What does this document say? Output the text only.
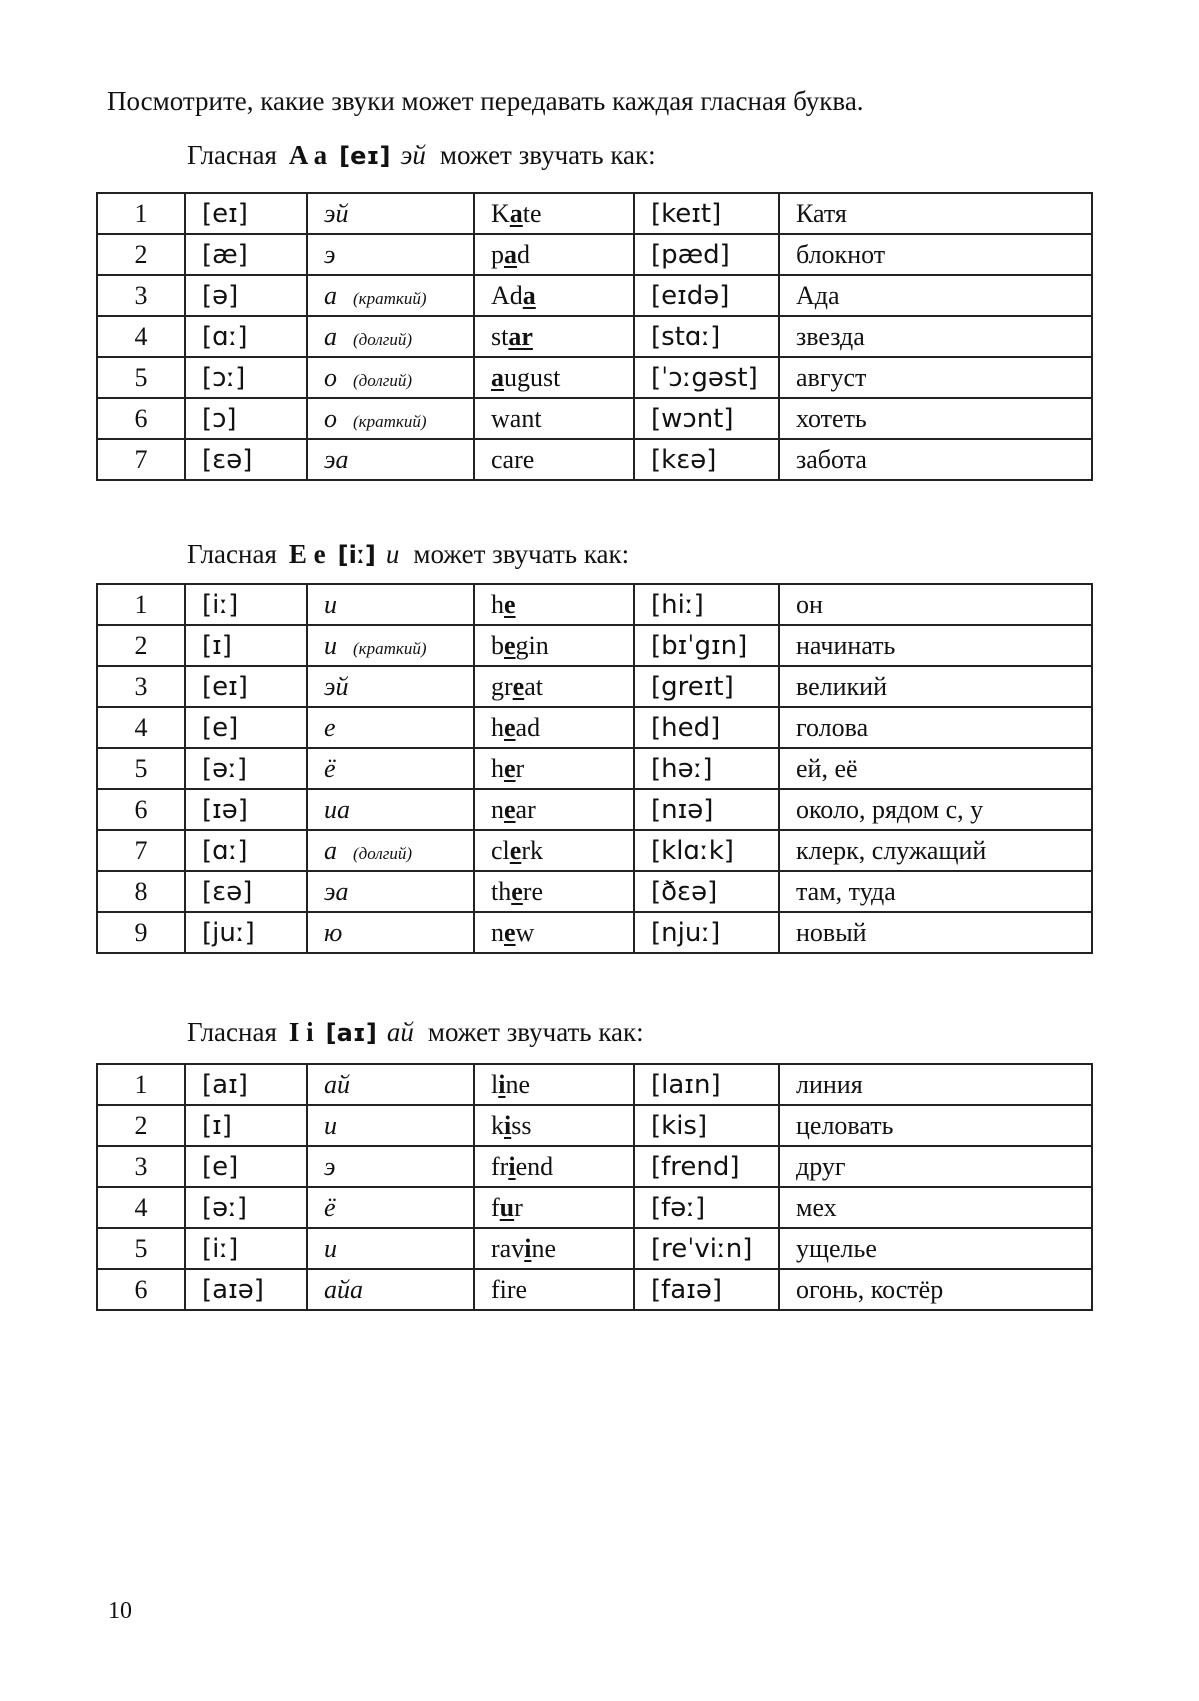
Посмотрите, какие звуки может передавать каждая гласная буква.
Гласная A a [eɪ] эй может звучать как:
1	[eɪ]	эй	Kate	[keɪt]	Катя
2	[æ]	э	pad	[pæd]	блокнот
3	[ə]	а (краткий)	Ada	[eɪdə]	Ада
4	[ɑː]	а (долгий)	star	[stɑː]	звезда
5	[ɔː]	о (долгий)	august	[ˈɔːgəst]	август
6	[ɔ]	о (краткий)	want	[wɔnt]	хотеть
7	[ɛə]	эа	care	[kɛə]	забота
Гласная E e [iː] и может звучать как:
1	[iː]	и	he	[hiː]	он
2	[ɪ]	и (краткий)	begin	[bɪˈgɪn]	начинать
3	[eɪ]	эй	great	[greɪt]	великий
4	[e]	е	head	[hed]	голова
5	[əː]	ё	her	[həː]	ей, её
6	[ɪə]	иа	near	[nɪə]	около, рядом с, у
7	[ɑː]	а (долгий)	clerk	[klɑːk]	клерк, служащий
8	[ɛə]	эа	there	[ðɛə]	там, туда
9	[juː]	ю	new	[njuː]	новый
Гласная I i [aɪ] ай может звучать как:
1	[aɪ]	ай	line	[laɪn]	линия
2	[ɪ]	и	kiss	[kis]	целовать
3	[e]	э	friend	[frend]	друг
4	[əː]	ё	fur	[fəː]	мех
5	[iː]	и	ravine	[reˈviːn]	ущелье
6	[aɪə]	айа	fire	[faɪə]	огонь, костёр
10
